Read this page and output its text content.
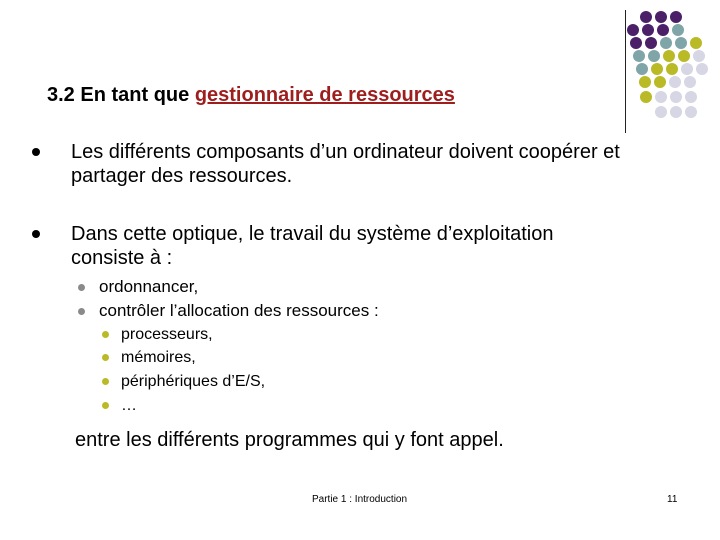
3.2 En tant que gestionnaire de ressources
Les différents composants d’un ordinateur doivent coopérer et
partager des ressources.
Dans cette optique, le travail du système d’exploitation
consiste à :
ordonnancer,
contrôler l’allocation des ressources :
processeurs,
mémoires,
périphériques d’E/S,
…
entre les différents programmes qui y font appel.
Partie 1 : Introduction	11
